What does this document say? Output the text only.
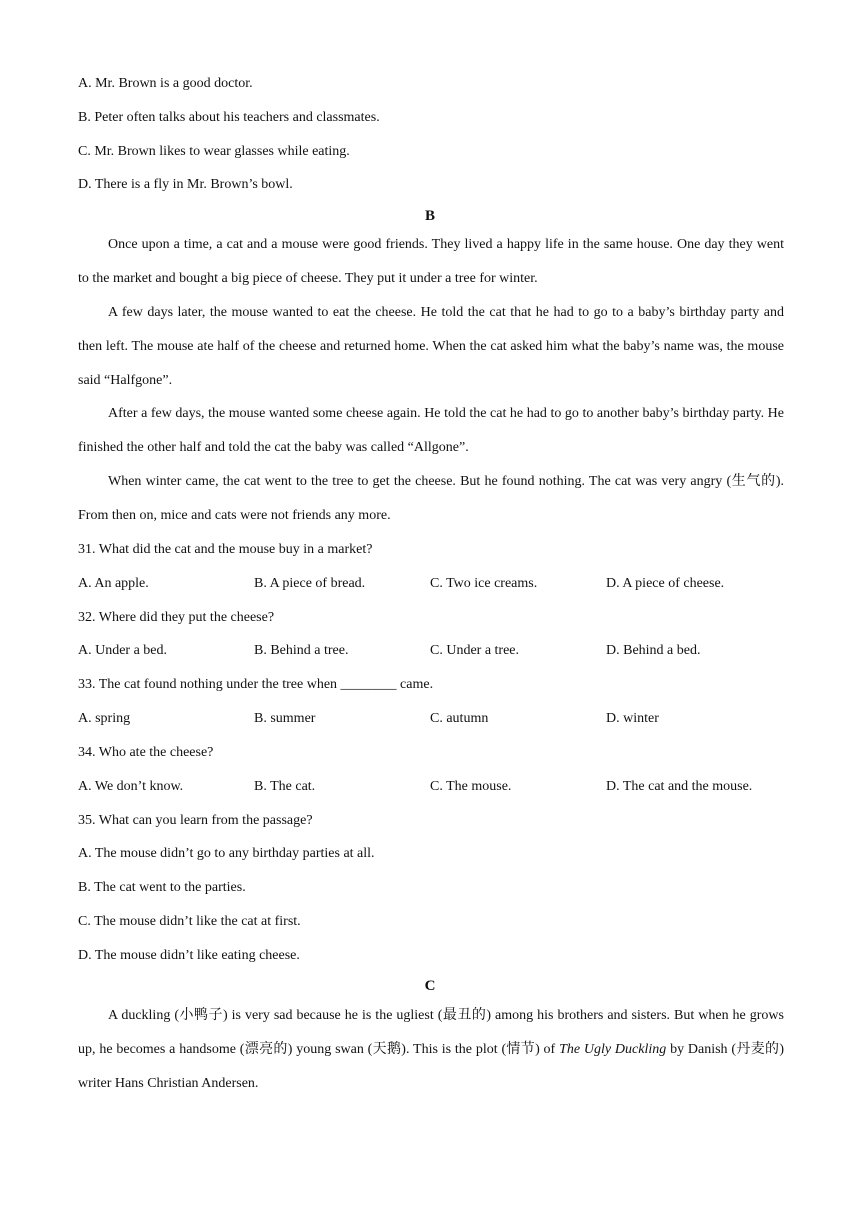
A. Mr. Brown is a good doctor.
B. Peter often talks about his teachers and classmates.
C. Mr. Brown likes to wear glasses while eating.
D. There is a fly in Mr. Brown’s bowl.
B
Once upon a time, a cat and a mouse were good friends. They lived a happy life in the same house. One day they went to the market and bought a big piece of cheese. They put it under a tree for winter.
A few days later, the mouse wanted to eat the cheese. He told the cat that he had to go to a baby’s birthday party and then left. The mouse ate half of the cheese and returned home. When the cat asked him what the baby’s name was, the mouse said “Halfgone”.
After a few days, the mouse wanted some cheese again. He told the cat he had to go to another baby’s birthday party. He finished the other half and told the cat the baby was called “Allgone”.
When winter came, the cat went to the tree to get the cheese. But he found nothing. The cat was very angry (生气的). From then on, mice and cats were not friends any more.
31. What did the cat and the mouse buy in a market?
A. An apple.	B. A piece of bread.	C. Two ice creams.	D. A piece of cheese.
32. Where did they put the cheese?
A. Under a bed.	B. Behind a tree.	C. Under a tree.	D. Behind a bed.
33. The cat found nothing under the tree when ________ came.
A. spring	B. summer	C. autumn	D. winter
34. Who ate the cheese?
A. We don’t know.	B. The cat.	C. The mouse.	D. The cat and the mouse.
35. What can you learn from the passage?
A. The mouse didn’t go to any birthday parties at all.
B. The cat went to the parties.
C. The mouse didn’t like the cat at first.
D. The mouse didn’t like eating cheese.
C
A duckling (小鸭子) is very sad because he is the ugliest (最丑的) among his brothers and sisters. But when he grows up, he becomes a handsome (漂亮的) young swan (天鹅). This is the plot (情节) of The Ugly Duckling by Danish (丹麦的) writer Hans Christian Andersen.
